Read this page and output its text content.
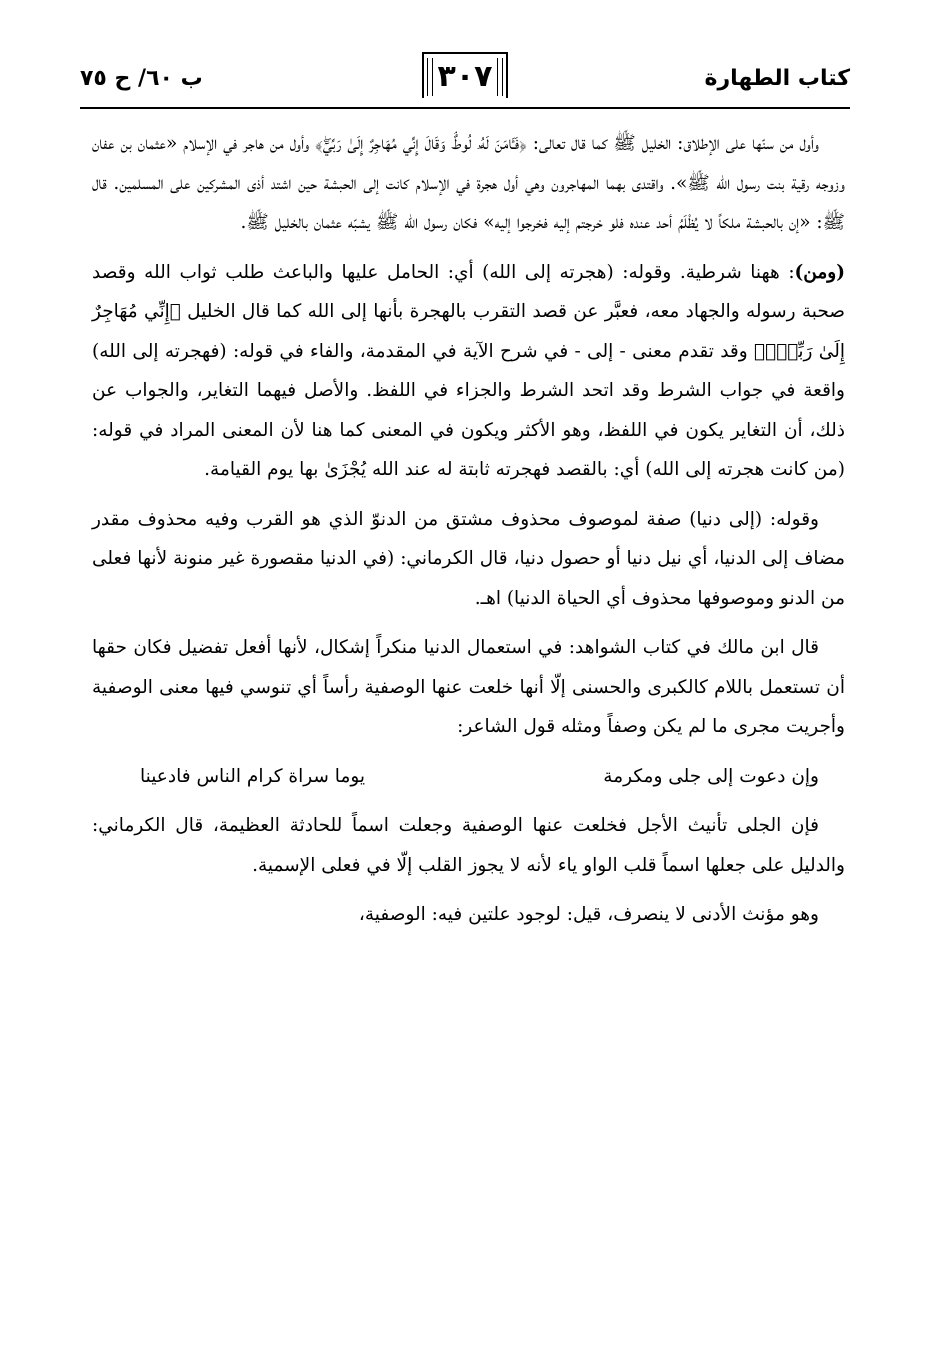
كتاب الطهارة
٣٠٧
ب ٦٠/ ح ٧٥

وأول من سنّها على الإطلاق: الخليل ﷺ كما قال تعالى: ﴿فَـَٔامَنَ لَهُۥ لُوطٌۘ وَقَالَ إِنِّي مُهَاجِرٌ إِلَىٰ رَبِّيٓۖ﴾ وأول من هاجر في الإسلام «عثمان بن عفان وزوجه رقية بنت رسول الله ﷺ». واقتدى بهما المهاجرون وهي أول هجرة في الإسلام كانت إلى الحبشة حين اشتد أذى المشركين على المسلمين. قال ﷺ: «إن بالحبشة ملكاً لا يُظْلَمُ أحد عنده فلو خرجتم إليه فخرجوا إليه» فكان رسول الله ﷺ يشبّه عثمان بالخليل ﷺ.

(ومن): ههنا شرطية. وقوله: (هجرته إلى الله) أي: الحامل عليها والباعث طلب ثواب الله وقصد صحبة رسوله والجهاد معه، فعبَّر عن قصد التقرب بالهجرة بأنها إلى الله كما قال الخليل ﴿إِنِّي مُهَاجِرٌ إِلَىٰ رَبِّيٓۖ﴾ وقد تقدم معنى - إلى - في شرح الآية في المقدمة، والفاء في قوله: (فهجرته إلى الله) واقعة في جواب الشرط وقد اتحد الشرط والجزاء في اللفظ. والأصل فيهما التغاير، والجواب عن ذلك، أن التغاير يكون في اللفظ، وهو الأكثر ويكون في المعنى كما هنا لأن المعنى المراد في قوله: (من كانت هجرته إلى الله) أي: بالقصد فهجرته ثابتة له عند الله يُجْزَىٰ بها يوم القيامة.

وقوله: (إلى دنيا) صفة لموصوف محذوف مشتق من الدنوّ الذي هو القرب وفيه محذوف مقدر مضاف إلى الدنيا، أي نيل دنيا أو حصول دنيا، قال الكرماني: (في الدنيا مقصورة غير منونة لأنها فعلى من الدنو وموصوفها محذوف أي الحياة الدنيا) اهـ.

قال ابن مالك في كتاب الشواهد: في استعمال الدنيا منكراً إشكال، لأنها أفعل تفضيل فكان حقها أن تستعمل باللام كالكبرى والحسنى إلّا أنها خلعت عنها الوصفية رأساً أي تنوسي فيها معنى الوصفية وأجريت مجرى ما لم يكن وصفاً ومثله قول الشاعر:

وإن دعوت إلى جلى ومكرمة
يوما سراة كرام الناس فادعينا

فإن الجلى تأنيث الأجل فخلعت عنها الوصفية وجعلت اسماً للحادثة العظيمة، قال الكرماني: والدليل على جعلها اسماً قلب الواو ياء لأنه لا يجوز القلب إلّا في فعلى الإسمية.

وهو مؤنث الأدنى لا ينصرف، قيل: لوجود علتين فيه: الوصفية،
